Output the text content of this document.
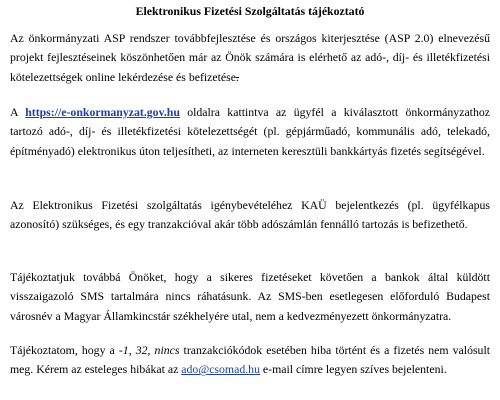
Elektronikus Fizetési Szolgáltatás tájékoztató
Az önkormányzati ASP rendszer továbbfejlesztése és országos kiterjesztése (ASP 2.0) elnevezésű projekt fejlesztéseinek köszönhetően már az Önök számára is elérhető az adó-, díj- és illetékfizetési kötelezettségek online lekérdezése és befizetése.
A https://e-onkormanyzat.gov.hu oldalra kattintva az ügyfél a kiválasztott önkormányzathoz tartozó adó-, díj- és illetékfizetési kötelezettségét (pl. gépjárműadó, kommunális adó, telekadó, építményadó) elektronikus úton teljesítheti, az interneten keresztüli bankkártyás fizetés segítségével.
Az Elektronikus Fizetési szolgáltatás igénybevételéhez KAÜ bejelentkezés (pl. ügyfélkapus azonosító) szükséges, és egy tranzakcióval akár több adószámlán fennálló tartozás is befizethető.
Tájékoztatjuk továbbá Önöket, hogy a sikeres fizetéseket követően a bankok által küldött visszaigazoló SMS tartalmára nincs ráhatásunk. Az SMS-ben esetlegesen előforduló Budapest városnév a Magyar Államkincstár székhelyére utal, nem a kedvezményezett önkormányzatra.
Tájékoztatom, hogy a -1, 32, nincs tranzakciókódok esetében hiba történt és a fizetés nem valósult meg. Kérem az esteleges hibákat az ado@csomad.hu e-mail címre legyen szíves bejelenteni.
